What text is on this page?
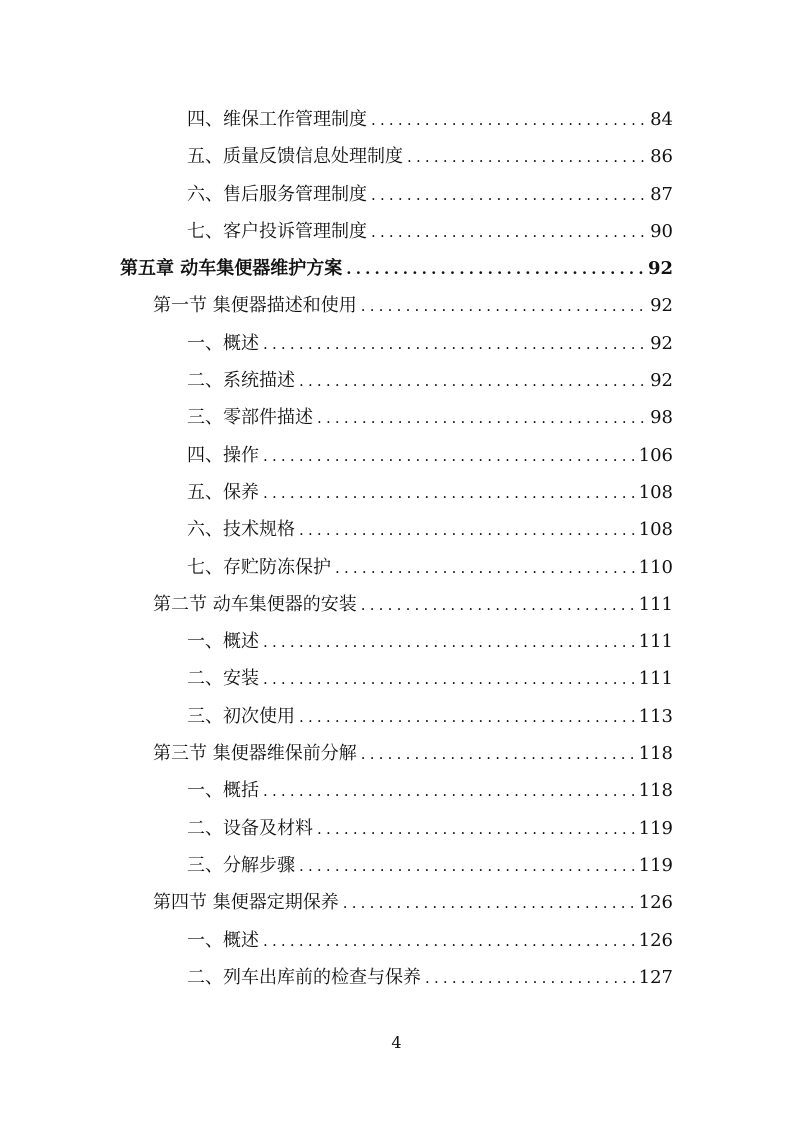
四、维保工作管理制度 .....	84
五、质量反馈信息处理制度 .....	86
六、售后服务管理制度 .....	87
七、客户投诉管理制度 .....	90
第五章 动车集便器维护方案 .....	92
第一节 集便器描述和使用 .....	92
一、概述 .....	92
二、系统描述 .....	92
三、零部件描述 .....	98
四、操作 .....	106
五、保养 .....	108
六、技术规格 .....	108
七、存贮防冻保护 .....	110
第二节 动车集便器的安装 .....	111
一、概述 .....	111
二、安装 .....	111
三、初次使用 .....	113
第三节 集便器维保前分解 .....	118
一、概括 .....	118
二、设备及材料 .....	119
三、分解步骤 .....	119
第四节 集便器定期保养 .....	126
一、概述 .....	126
二、列车出库前的检查与保养 .....	127
4
